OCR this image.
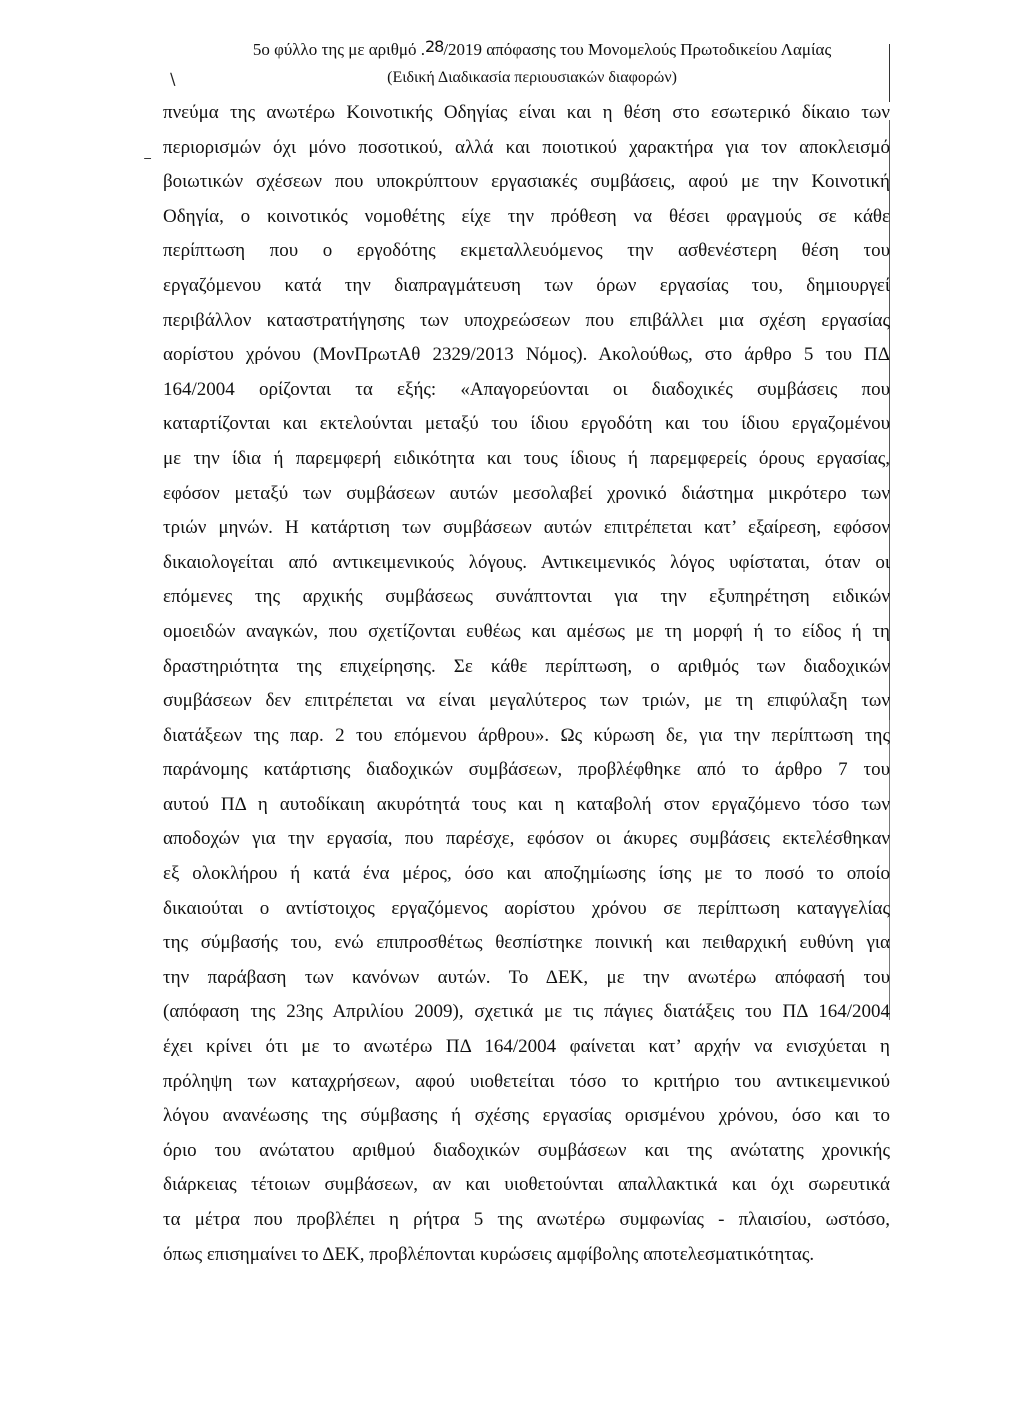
5ο φύλλο της με αριθμό .28/2019 απόφασης του Μονομελούς Πρωτοδικείου Λαμίας
(Ειδική Διαδικασία περιουσιακών διαφορών)
∖
−
πνεύμα της ανωτέρω Κοινοτικής Οδηγίας είναι και η θέση στο εσωτερικό δίκαιο των
περιορισμών όχι μόνο ποσοτικού, αλλά και ποιοτικού χαρακτήρα για τον αποκλεισμό
βοιωτικών σχέσεων που υποκρύπτουν εργασιακές συμβάσεις, αφού με την Κοινοτική
Οδηγία, ο κοινοτικός νομοθέτης είχε την πρόθεση να θέσει φραγμούς σε κάθε
περίπτωση που ο εργοδότης εκμεταλλευόμενος την ασθενέστερη θέση του
εργαζόμενου κατά την διαπραγμάτευση των όρων εργασίας του, δημιουργεί
περιβάλλον καταστρατήγησης των υποχρεώσεων που επιβάλλει μια σχέση εργασίας
αορίστου χρόνου (ΜονΠρωτΑθ 2329/2013 Νόμος). Ακολούθως, στο άρθρο 5 του ΠΔ
164/2004 ορίζονται τα εξής: «Απαγορεύονται οι διαδοχικές συμβάσεις που
καταρτίζονται και εκτελούνται μεταξύ του ίδιου εργοδότη και του ίδιου εργαζομένου
με την ίδια ή παρεμφερή ειδικότητα και τους ίδιους ή παρεμφερείς όρους εργασίας,
εφόσον μεταξύ των συμβάσεων αυτών μεσολαβεί χρονικό διάστημα μικρότερο των
τριών μηνών. Η κατάρτιση των συμβάσεων αυτών επιτρέπεται κατ’ εξαίρεση, εφόσον
δικαιολογείται από αντικειμενικούς λόγους. Αντικειμενικός λόγος υφίσταται, όταν οι
επόμενες της αρχικής συμβάσεως συνάπτονται για την εξυπηρέτηση ειδικών
ομοειδών αναγκών, που σχετίζονται ευθέως και αμέσως με τη μορφή ή το είδος ή τη
δραστηριότητα της επιχείρησης. Σε κάθε περίπτωση, ο αριθμός των διαδοχικών
συμβάσεων δεν επιτρέπεται να είναι μεγαλύτερος των τριών, με τη επιφύλαξη των
διατάξεων της παρ. 2 του επόμενου άρθρου». Ως κύρωση δε, για την περίπτωση της
παράνομης κατάρτισης διαδοχικών συμβάσεων, προβλέφθηκε από το άρθρο 7 του
αυτού ΠΔ η αυτοδίκαιη ακυρότητά τους και η καταβολή στον εργαζόμενο τόσο των
αποδοχών για την εργασία, που παρέσχε, εφόσον οι άκυρες συμβάσεις εκτελέσθηκαν
εξ ολοκλήρου ή κατά ένα μέρος, όσο και αποζημίωσης ίσης με το ποσό το οποίο
δικαιούται ο αντίστοιχος εργαζόμενος αορίστου χρόνου σε περίπτωση καταγγελίας
της σύμβασής του, ενώ επιπροσθέτως θεσπίστηκε ποινική και πειθαρχική ευθύνη για
την παράβαση των κανόνων αυτών. Το ΔΕΚ, με την ανωτέρω απόφασή του
(απόφαση της 23ης Απριλίου 2009), σχετικά με τις πάγιες διατάξεις του ΠΔ 164/2004
έχει κρίνει ότι με το ανωτέρω ΠΔ 164/2004 φαίνεται κατ’ αρχήν να ενισχύεται η
πρόληψη των καταχρήσεων, αφού υιοθετείται τόσο το κριτήριο του αντικειμενικού
λόγου ανανέωσης της σύμβασης ή σχέσης εργασίας ορισμένου χρόνου, όσο και το
όριο του ανώτατου αριθμού διαδοχικών συμβάσεων και της ανώτατης χρονικής
διάρκειας τέτοιων συμβάσεων, αν και υιοθετούνται απαλλακτικά και όχι σωρευτικά
τα μέτρα που προβλέπει η ρήτρα 5 της ανωτέρω συμφωνίας - πλαισίου, ωστόσο,
όπως επισημαίνει το ΔΕΚ, προβλέπονται κυρώσεις αμφίβολης αποτελεσματικότητας.
